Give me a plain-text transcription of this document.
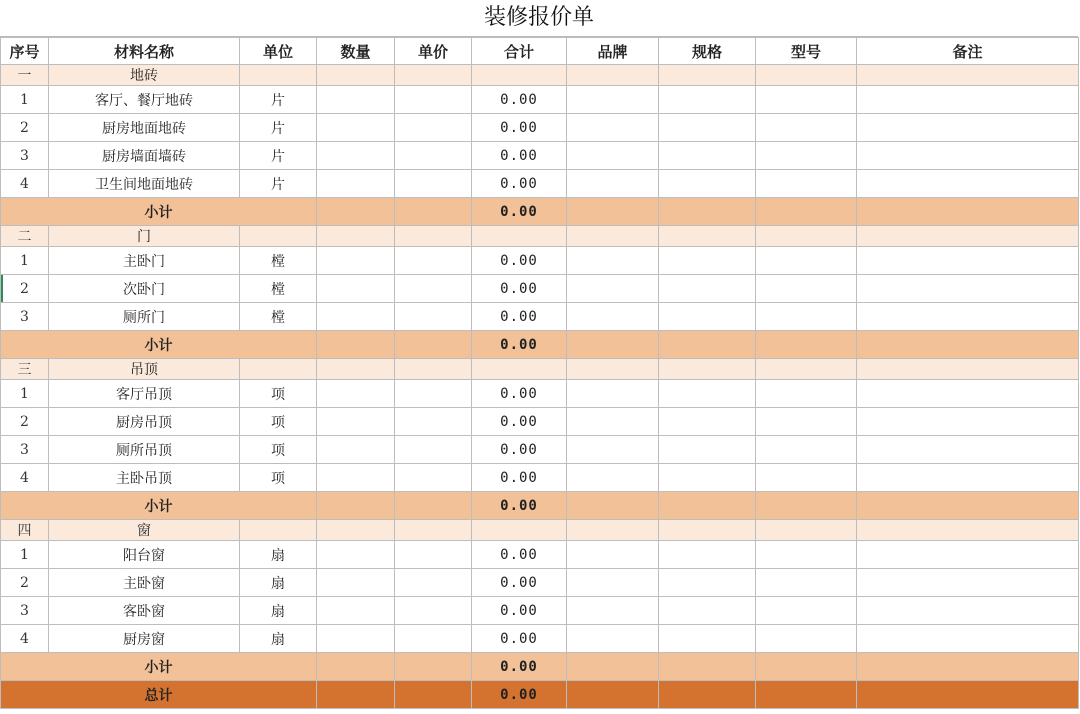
装修报价单
序号	材料名称	单位	数量	单价	合计	品牌	规格	型号	备注
一	地砖								
1	客厅、餐厅地砖	片			0.00				
2	厨房地面地砖	片			0.00				
3	厨房墙面墙砖	片			0.00				
4	卫生间地面地砖	片			0.00				
小计					0.00				
二	门								
1	主卧门	樘			0.00				
2	次卧门	樘			0.00				
3	厕所门	樘			0.00				
小计					0.00				
三	吊顶								
1	客厅吊顶	项			0.00				
2	厨房吊顶	项			0.00				
3	厕所吊顶	项			0.00				
4	主卧吊顶	项			0.00				
小计					0.00				
四	窗								
1	阳台窗	扇			0.00				
2	主卧窗	扇			0.00				
3	客卧窗	扇			0.00				
4	厨房窗	扇			0.00				
小计					0.00				
总计					0.00				
